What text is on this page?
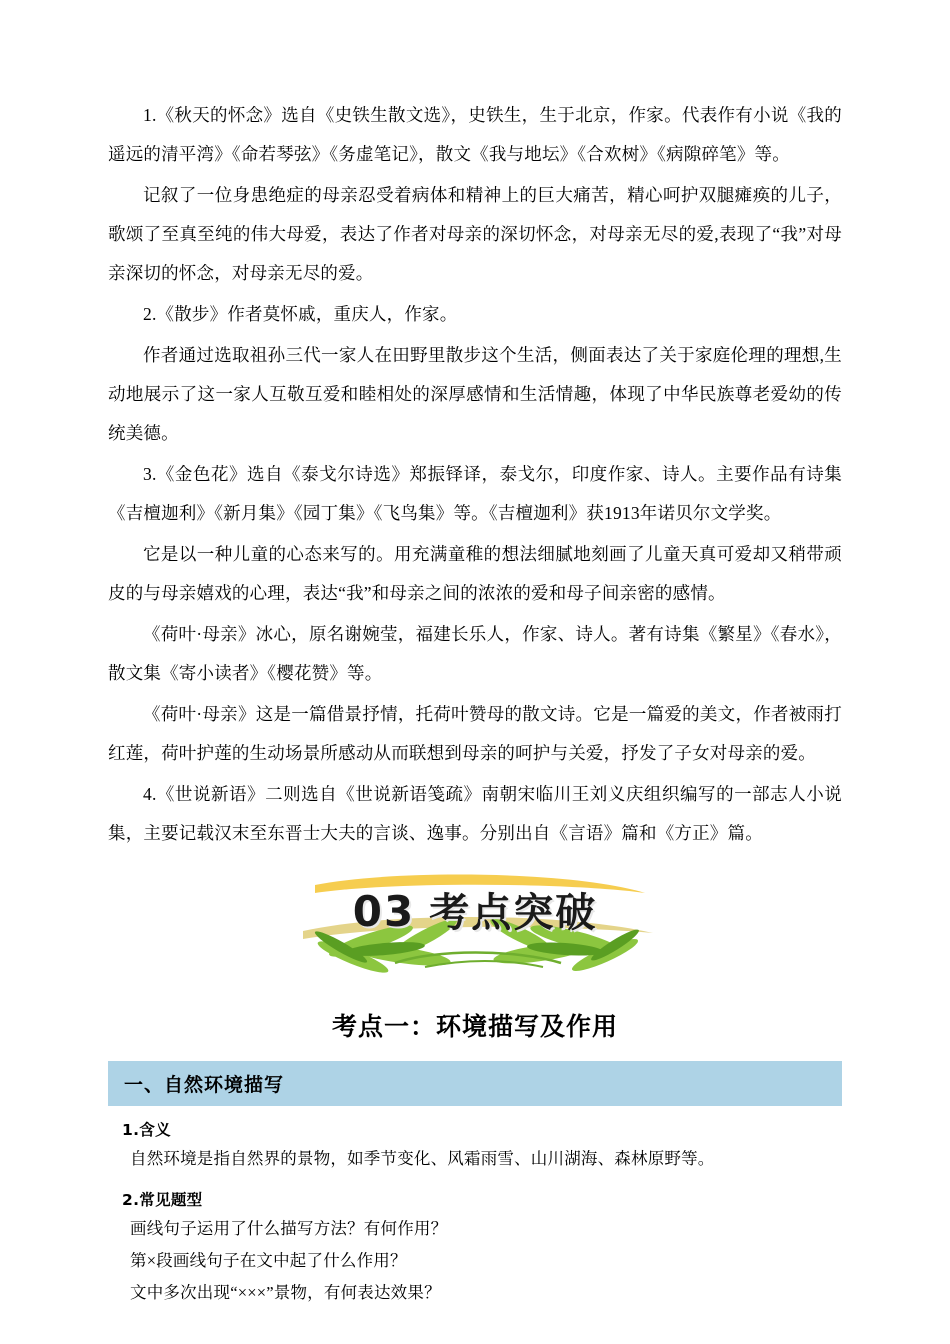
1.《秋天的怀念》选自《史铁生散文选》，史铁生，生于北京，作家。代表作有小说《我的遥远的清平湾》《命若琴弦》《务虚笔记》，散文《我与地坛》《合欢树》《病隙碎笔》等。

记叙了一位身患绝症的母亲忍受着病体和精神上的巨大痛苦，精心呵护双腿瘫痪的儿子，歌颂了至真至纯的伟大母爱，表达了作者对母亲的深切怀念，对母亲无尽的爱,表现了“我”对母亲深切的怀念，对母亲无尽的爱。

2.《散步》作者莫怀戚，重庆人，作家。

作者通过选取祖孙三代一家人在田野里散步这个生活，侧面表达了关于家庭伦理的理想,生动地展示了这一家人互敬互爱和睦相处的深厚感情和生活情趣，体现了中华民族尊老爱幼的传统美德。

3.《金色花》选自《泰戈尔诗选》郑振铎译，泰戈尔，印度作家、诗人。主要作品有诗集《吉檀迦利》《新月集》《园丁集》《飞鸟集》等。《吉檀迦利》获1913年诺贝尔文学奖。

它是以一种儿童的心态来写的。用充满童稚的想法细腻地刻画了儿童天真可爱却又稍带顽皮的与母亲嬉戏的心理，表达“我”和母亲之间的浓浓的爱和母子间亲密的感情。

《荷叶·母亲》冰心，原名谢婉莹，福建长乐人，作家、诗人。著有诗集《繁星》《春水》，散文集《寄小读者》《樱花赞》等。

《荷叶·母亲》这是一篇借景抒情，托荷叶赞母的散文诗。它是一篇爱的美文，作者被雨打红莲，荷叶护莲的生动场景所感动从而联想到母亲的呵护与关爱，抒发了子女对母亲的爱。

4.《世说新语》二则选自《世说新语笺疏》南朝宋临川王刘义庆组织编写的一部志人小说集，主要记载汉末至东晋士大夫的言谈、逸事。分别出自《言语》篇和《方正》篇。

03 考点突破
考点一：环境描写及作用
一、自然环境描写
1.含义
自然环境是指自然界的景物，如季节变化、风霜雨雪、山川湖海、森林原野等。
2.常见题型
画线句子运用了什么描写方法？有何作用？
第×段画线句子在文中起了什么作用？
文中多次出现“×××”景物，有何表达效果？
